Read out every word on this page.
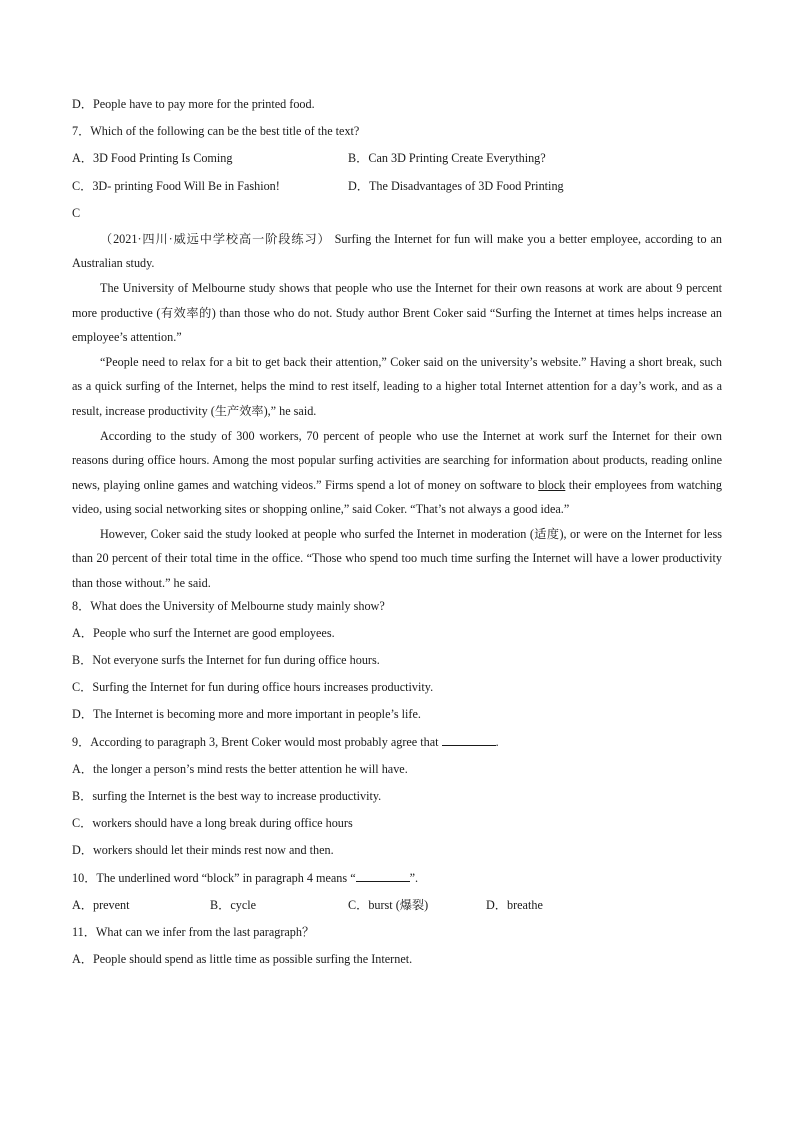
D．People have to pay more for the printed food.
7．Which of the following can be the best title of the text?
A．3D Food Printing Is Coming	B．Can 3D Printing Create Everything?
C．3D- printing Food Will Be in Fashion!	D．The Disadvantages of 3D Food Printing
C

（2021·四川·威远中学校高一阶段练习） Surfing the Internet for fun will make you a better employee, according to an Australian study.

The University of Melbourne study shows that people who use the Internet for their own reasons at work are about 9 percent more productive (有效率的) than those who do not. Study author Brent Coker said “Surfing the Internet at times helps increase an employee’s attention.”

“People need to relax for a bit to get back their attention,” Coker said on the university’s website.” Having a short break, such as a quick surfing of the Internet, helps the mind to rest itself, leading to a higher total Internet attention for a day’s work, and as a result, increase productivity (生产效率),” he said.

According to the study of 300 workers, 70 percent of people who use the Internet at work surf the Internet for their own reasons during office hours. Among the most popular surfing activities are searching for information about products, reading online news, playing online games and watching videos.” Firms spend a lot of money on software to block their employees from watching video, using social networking sites or shopping online,” said Coker. “That’s not always a good idea.”

However, Coker said the study looked at people who surfed the Internet in moderation (适度), or were on the Internet for less than 20 percent of their total time in the office. “Those who spend too much time surfing the Internet will have a lower productivity than those without.” he said.

8．What does the University of Melbourne study mainly show?
A．People who surf the Internet are good employees.
B．Not everyone surfs the Internet for fun during office hours.
C．Surfing the Internet for fun during office hours increases productivity.
D．The Internet is becoming more and more important in people’s life.
9．According to paragraph 3, Brent Coker would most probably agree that	.
A．the longer a person’s mind rests the better attention he will have.
B．surfing the Internet is the best way to increase productivity.
C．workers should have a long break during office hours
D．workers should let their minds rest now and then.
10．The underlined word “block” in paragraph 4 means “	”.
A．prevent	B．cycle	C．burst (爆裂)	D．breathe
11．What can we infer from the last paragraph？
A．People should spend as little time as possible surfing the Internet.
